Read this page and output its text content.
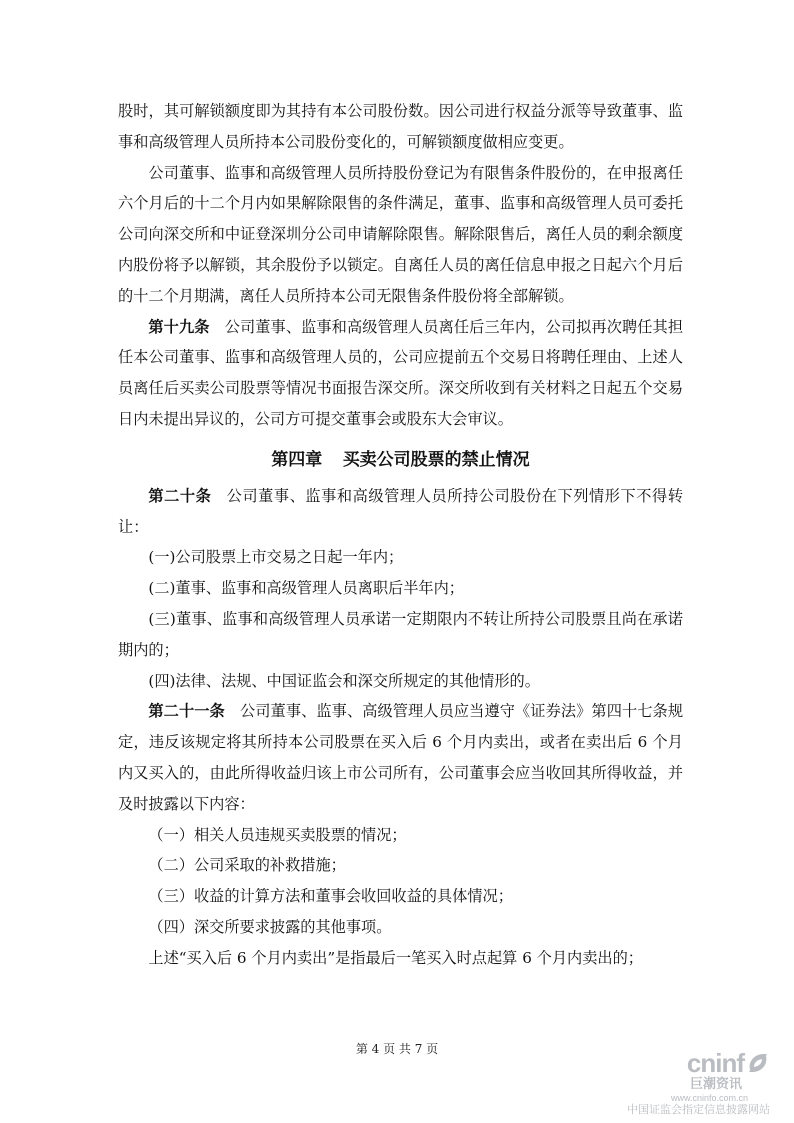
股时，其可解锁额度即为其持有本公司股份数。因公司进行权益分派等导致董事、监事和高级管理人员所持本公司股份变化的，可解锁额度做相应变更。

公司董事、监事和高级管理人员所持股份登记为有限售条件股份的，在申报离任六个月后的十二个月内如果解除限售的条件满足，董事、监事和高级管理人员可委托公司向深交所和中证登深圳分公司申请解除限售。解除限售后，离任人员的剩余额度内股份将予以解锁，其余股份予以锁定。自离任人员的离任信息申报之日起六个月后的十二个月期满，离任人员所持本公司无限售条件股份将全部解锁。

第十九条 公司董事、监事和高级管理人员离任后三年内，公司拟再次聘任其担任本公司董事、监事和高级管理人员的，公司应提前五个交易日将聘任理由、上述人员离任后买卖公司股票等情况书面报告深交所。深交所收到有关材料之日起五个交易日内未提出异议的，公司方可提交董事会或股东大会审议。

第四章 买卖公司股票的禁止情况

第二十条 公司董事、监事和高级管理人员所持公司股份在下列情形下不得转让：

(一)公司股票上市交易之日起一年内；

(二)董事、监事和高级管理人员离职后半年内；

(三)董事、监事和高级管理人员承诺一定期限内不转让所持公司股票且尚在承诺期内的；

(四)法律、法规、中国证监会和深交所规定的其他情形的。

第二十一条 公司董事、监事、高级管理人员应当遵守《证券法》第四十七条规定，违反该规定将其所持本公司股票在买入后 6 个月内卖出，或者在卖出后 6 个月内又买入的，由此所得收益归该上市公司所有，公司董事会应当收回其所得收益，并及时披露以下内容：

（一）相关人员违规买卖股票的情况；

（二）公司采取的补救措施；

（三）收益的计算方法和董事会收回收益的具体情况；

（四）深交所要求披露的其他事项。

上述“买入后 6 个月内卖出”是指最后一笔买入时点起算 6 个月内卖出的；

第 4 页 共 7 页	cninf
巨潮资讯
www.cninfo.com.cn
中国证监会指定信息披露网站
